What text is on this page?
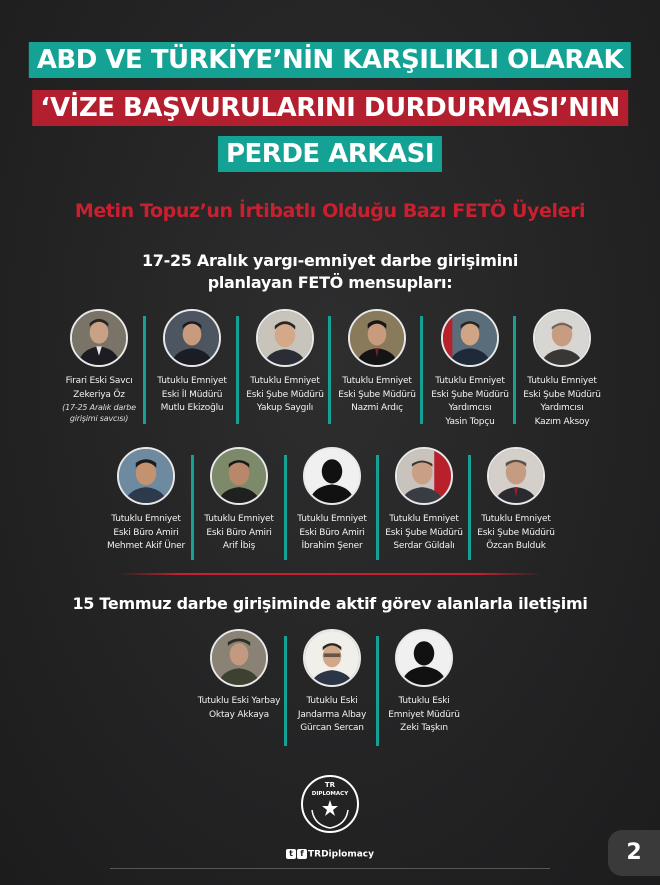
ABD VE TÜRKİYE’NİN KARŞILIKLI OLARAK
‘VİZE BAŞVURULARINI DURDURMASI’NIN
PERDE ARKASI
Metin Topuz’un İrtibatlı Olduğu Bazı FETÖ Üyeleri
17-25 Aralık yargı-emniyet darbe girişimini
planlayan FETÖ mensupları:
Firari Eski Savcı
Zekeriya Öz
(17-25 Aralık darbe
girişimi savcısı)
Tutuklu Emniyet
Eski İl Müdürü
Mutlu Ekizoğlu
Tutuklu Emniyet
Eski Şube Müdürü
Yakup Saygılı
Tutuklu Emniyet
Eski Şube Müdürü
Nazmi Ardıç
Tutuklu Emniyet
Eski Şube Müdürü
Yardımcısı
Yasin Topçu
Tutuklu Emniyet
Eski Şube Müdürü
Yardımcısı
Kazım Aksoy
Tutuklu Emniyet
Eski Büro Amiri
Mehmet Akif Üner
Tutuklu Emniyet
Eski Büro Amiri
Arif İbiş
Tutuklu Emniyet
Eski Büro Amiri
İbrahim Şener
Tutuklu Emniyet
Eski Şube Müdürü
Serdar Güldalı
Tutuklu Emniyet
Eski Şube Müdürü
Özcan Bulduk
15 Temmuz darbe girişiminde aktif görev alanlarla iletişimi
Tutuklu Eski Yarbay
Oktay Akkaya
Tutuklu Eski
Jandarma Albay
Gürcan Sercan
Tutuklu Eski
Emniyet Müdürü
Zeki Taşkın
TR
DIPLOMACY
t f TRDiplomacy	2
